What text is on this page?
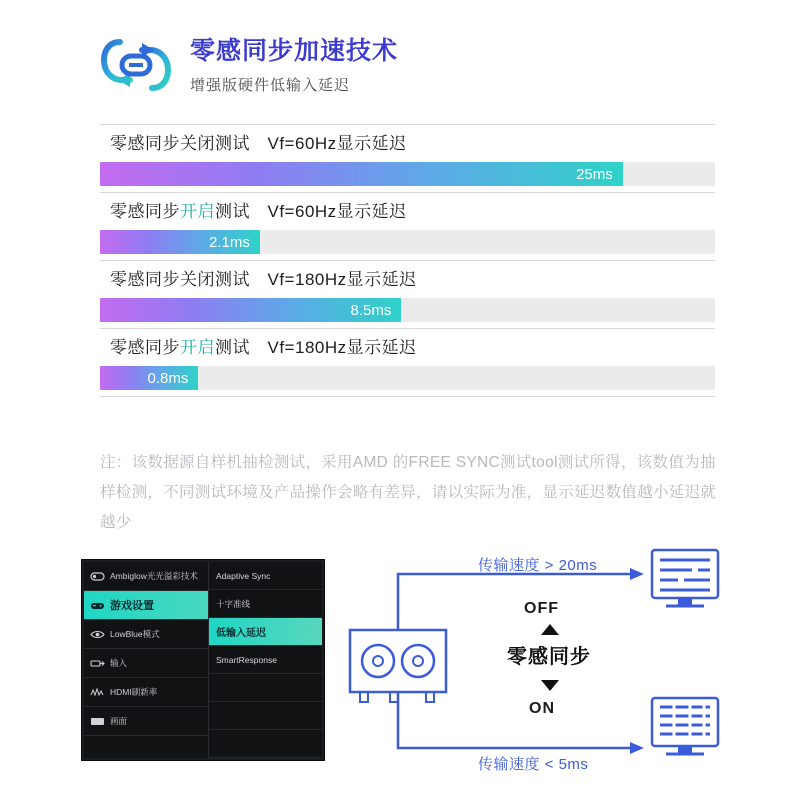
零感同步加速技术
增强版硬件低输入延迟
零感同步关闭测试　Vf=60Hz显示延迟
25ms
零感同步开启测试　Vf=60Hz显示延迟
2.1ms
零感同步关闭测试　Vf=180Hz显示延迟
8.5ms
零感同步开启测试　Vf=180Hz显示延迟
0.8ms
注：该数据源自样机抽检测试，采用AMD 的FREE SYNC测试tool测试所得，该数值为抽样检测，不同测试环境及产品操作会略有差异，请以实际为准，显示延迟数值越小延迟就越少
Ambiglow光光溢彩技术
游戏设置
LowBlue模式
输入
HDMI刷新率
画面
Adaptive Sync
十字准线
低输入延迟
SmartResponse
传输速度 > 20ms
传输速度 < 5ms
OFF
零感同步
ON
